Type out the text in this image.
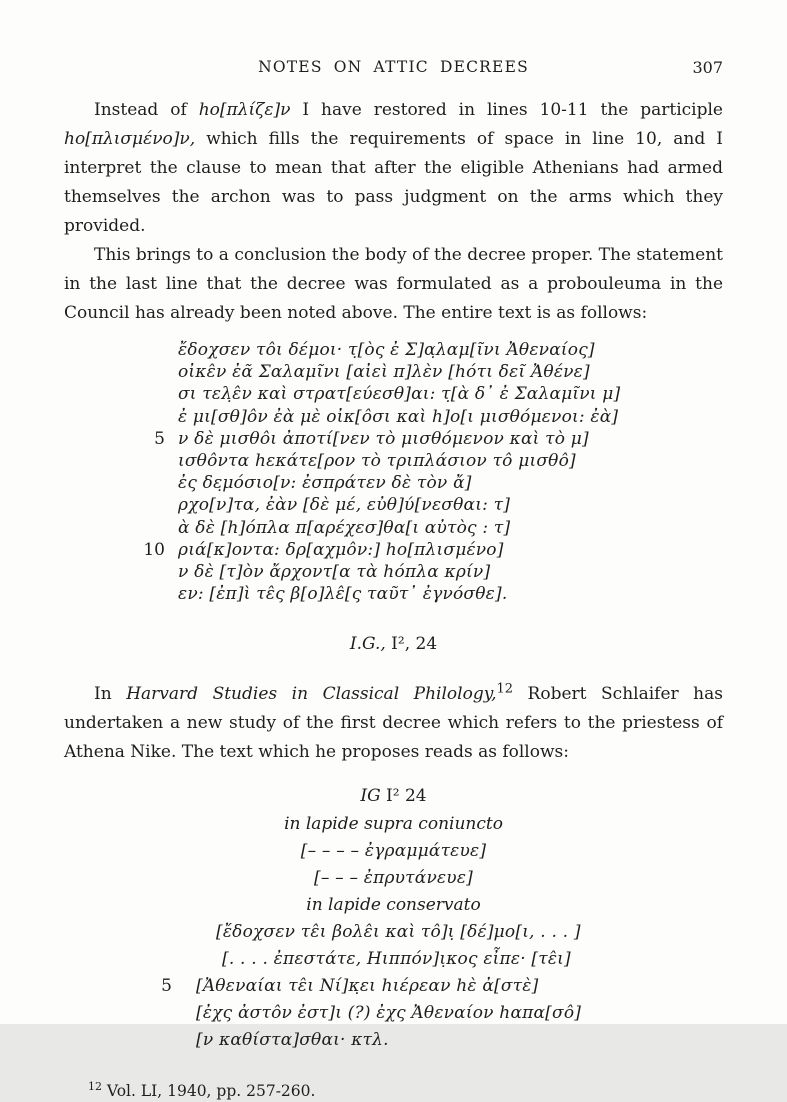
NOTES ON ATTIC DECREES	307

Instead of ho[πλίζε]ν I have restored in lines 10-11 the participle ho[πλισμένο]ν, which fills the requirements of space in line 10, and I interpret the clause to mean that after the eligible Athenians had armed themselves the archon was to pass judgment on the arms which they provided.

This brings to a conclusion the body of the decree proper. The statement in the last line that the decree was formulated as a probouleuma in the Council has already been noted above. The entire text is as follows:

ἔδοχσεν το̂ι δέμοι· τ̣[ὸς ἐ Σ]α̣λαμ[ῖνι Ἀθεναίος]
οἰκε̂ν ἐᾶ Σαλαμῖνι [αἰεὶ π]λὲν [hότι δεῖ Ἀθένε]
σι τελ̣ε̂ν καὶ στρατ[εύεσθ]αι: τ̣[ὰ δ᾽ ἐ Σαλαμῖνι μ]
ἐ μι[σθ]ο̂ν ἐὰ μὲ οἰκ[ο̂σι καὶ h]ο[ι μισθόμενοι: ἐὰ]
5 ν δὲ μισθο̂ι ἀποτί[νεν τὸ μισθόμενον καὶ τὸ μ]
ισθο̂ντα hεκάτε[ρον τὸ τριπλάσιον το̂ μισθο̂]
ἐς δε̣μόσιο[ν: ἐσπράτεν δὲ τὸν ἄ]
ρχο[ν]τα, ἐὰν [δὲ μέ, εὐθ]ύ[νεσθαι: τ]
ὰ δὲ [h]όπλα π[αρέχεσ]θα[ι αὐτὸς : τ]
10 ριά[κ]οντα: δρ[αχμο̂ν:] hο[πλισμένο]
ν δὲ [τ]ὸν ἄρχοντ[α τὰ hόπλα κρίν]
εν: [ἐπ]ὶ τε̂ς β[ο]λε̂[ς ταῦτ᾽ ἐγνόσθε].

I.G., I², 24

In Harvard Studies in Classical Philology,$^{12}$ Robert Schlaifer has undertaken a new study of the first decree which refers to the priestess of Athena Nike. The text which he proposes reads as follows:

IG I² 24

in lapide supra coniuncto

[– – – – ἐγραμμάτευε]

[– – – ἐπρυτάνευε]

in lapide conservato

[ἔδοχσεν τε̂ι βολε̂ι καὶ το̂]ι̣ [δέ]μο[ι, . . . ]
[. . . . ἐπεστάτε, Ηιππόν]ι̣κος εἶπε· [τε̂ι]
5	[Ἀθεναίαι τε̂ι Νί]κ̣ει hιέρεαν hὲ ἀ[στὲ]
[ἐχς ἀστο̂ν ἐστ]ι (?) ἐχς Ἀθεναίον hαπα[σο̂]
[ν καθίστα]σθαι· κτλ.

$^{12}$ Vol. LI, 1940, pp. 257-260.
